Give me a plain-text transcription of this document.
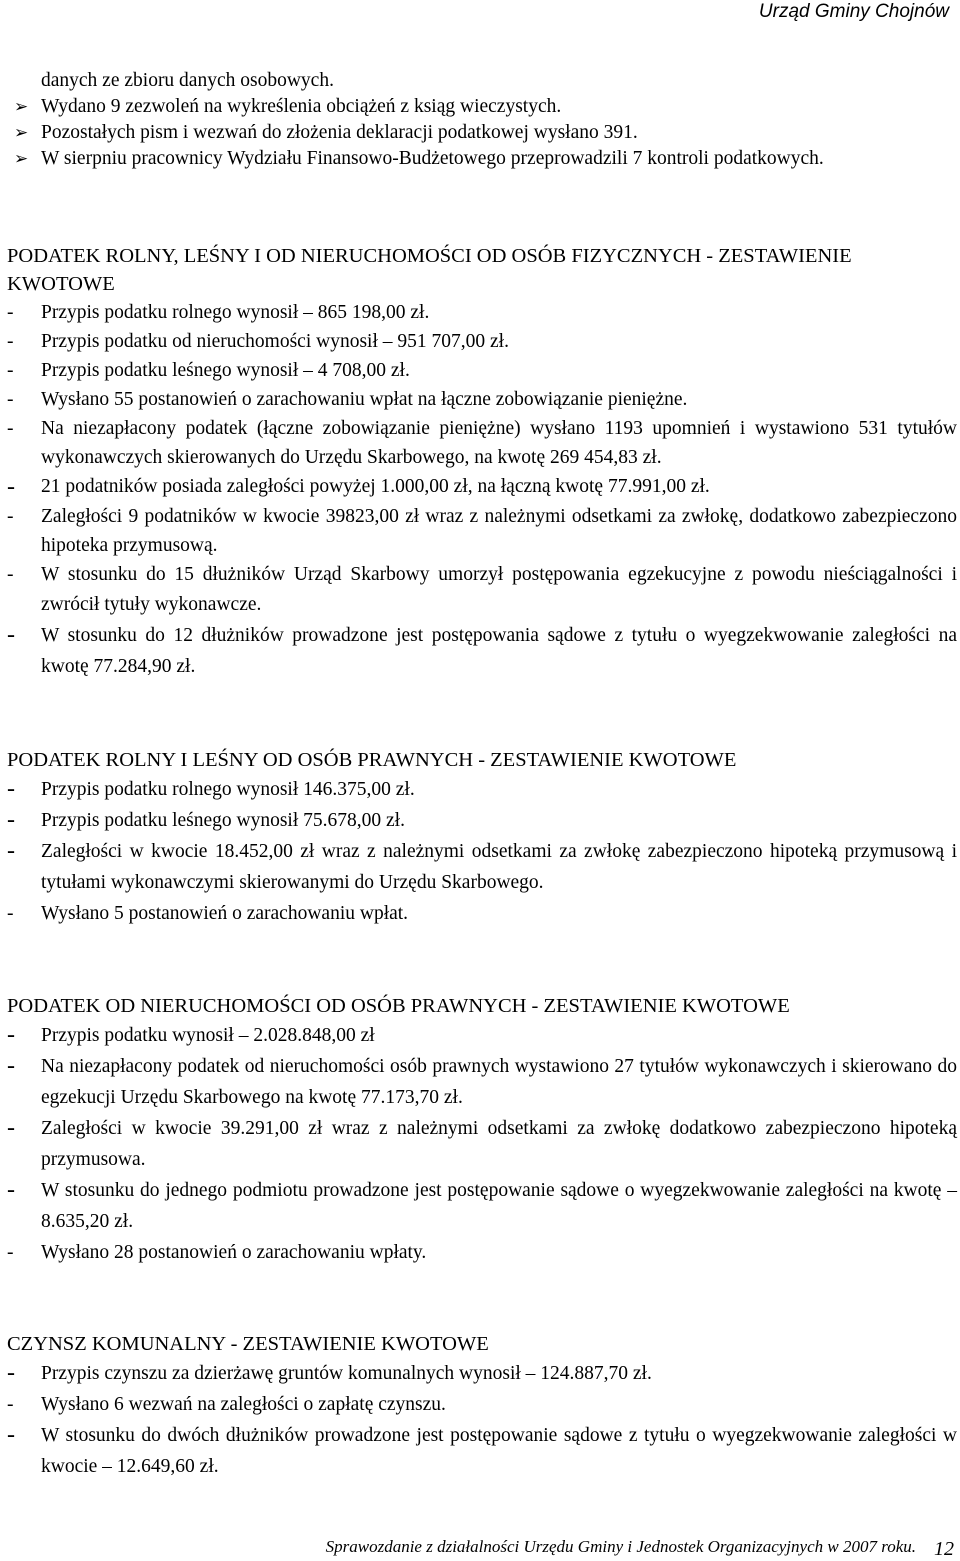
Urząd Gminy Chojnów

danych ze zbioru danych osobowych.

➢ Wydano 9 zezwoleń na wykreślenia obciążeń z ksiąg wieczystych.
➢ Pozostałych pism i wezwań do złożenia deklaracji podatkowej wysłano 391.
➢ W sierpniu pracownicy Wydziału Finansowo-Budżetowego przeprowadzili 7 kontroli podatkowych.
PODATEK ROLNY, LEŚNY I OD NIERUCHOMOŚCI OD OSÓB FIZYCZNYCH - ZESTAWIENIE KWOTOWE
- Przypis podatku rolnego wynosił – 865 198,00 zł.
- Przypis podatku od nieruchomości wynosił – 951 707,00 zł.
- Przypis podatku leśnego wynosił – 4 708,00 zł.
- Wysłano 55 postanowień o zarachowaniu wpłat na łączne zobowiązanie pieniężne.
- Na niezapłacony podatek (łączne zobowiązanie pieniężne) wysłano 1193 upomnień i wystawiono 531 tytułów wykonawczych skierowanych do Urzędu Skarbowego, na kwotę 269 454,83 zł.
- 21 podatników posiada zaległości powyżej 1.000,00 zł, na łączną kwotę 77.991,00 zł.
- Zaległości 9 podatników w kwocie 39823,00 zł wraz z należnymi odsetkami za zwłokę, dodatkowo zabezpieczono hipoteka przymusową.
- W stosunku do 15 dłużników Urząd Skarbowy umorzył postępowania egzekucyjne z powodu nieściągalności i zwrócił tytuły wykonawcze.
- W stosunku do 12 dłużników prowadzone jest postępowania sądowe z tytułu o wyegzekwowanie zaległości na kwotę 77.284,90 zł.
PODATEK ROLNY I LEŚNY OD OSÓB PRAWNYCH - ZESTAWIENIE KWOTOWE
- Przypis podatku rolnego wynosił 146.375,00 zł.
- Przypis podatku leśnego wynosił 75.678,00 zł.
- Zaległości w kwocie 18.452,00 zł wraz z należnymi odsetkami za zwłokę zabezpieczono hipoteką przymusową i tytułami wykonawczymi skierowanymi do Urzędu Skarbowego.
- Wysłano 5 postanowień o zarachowaniu wpłat.
PODATEK OD NIERUCHOMOŚCI OD OSÓB PRAWNYCH - ZESTAWIENIE KWOTOWE
- Przypis podatku wynosił – 2.028.848,00 zł
- Na niezapłacony podatek od nieruchomości osób prawnych wystawiono 27 tytułów wykonawczych i skierowano do egzekucji Urzędu Skarbowego na kwotę 77.173,70 zł.
- Zaległości w kwocie 39.291,00 zł wraz z należnymi odsetkami za zwłokę dodatkowo zabezpieczono hipoteką przymusowa.
- W stosunku do jednego podmiotu prowadzone jest postępowanie sądowe o wyegzekwowanie zaległości na kwotę – 8.635,20 zł.
- Wysłano 28 postanowień o zarachowaniu wpłaty.
CZYNSZ KOMUNALNY - ZESTAWIENIE KWOTOWE
- Przypis czynszu za dzierżawę gruntów komunalnych wynosił – 124.887,70 zł.
- Wysłano 6 wezwań na zaległości o zapłatę czynszu.
- W stosunku do dwóch dłużników prowadzone jest postępowanie sądowe z tytułu o wyegzekwowanie zaległości w kwocie – 12.649,60 zł.
Sprawozdanie z działalności Urzędu Gminy i Jednostek Organizacyjnych w 2007 roku. 12
